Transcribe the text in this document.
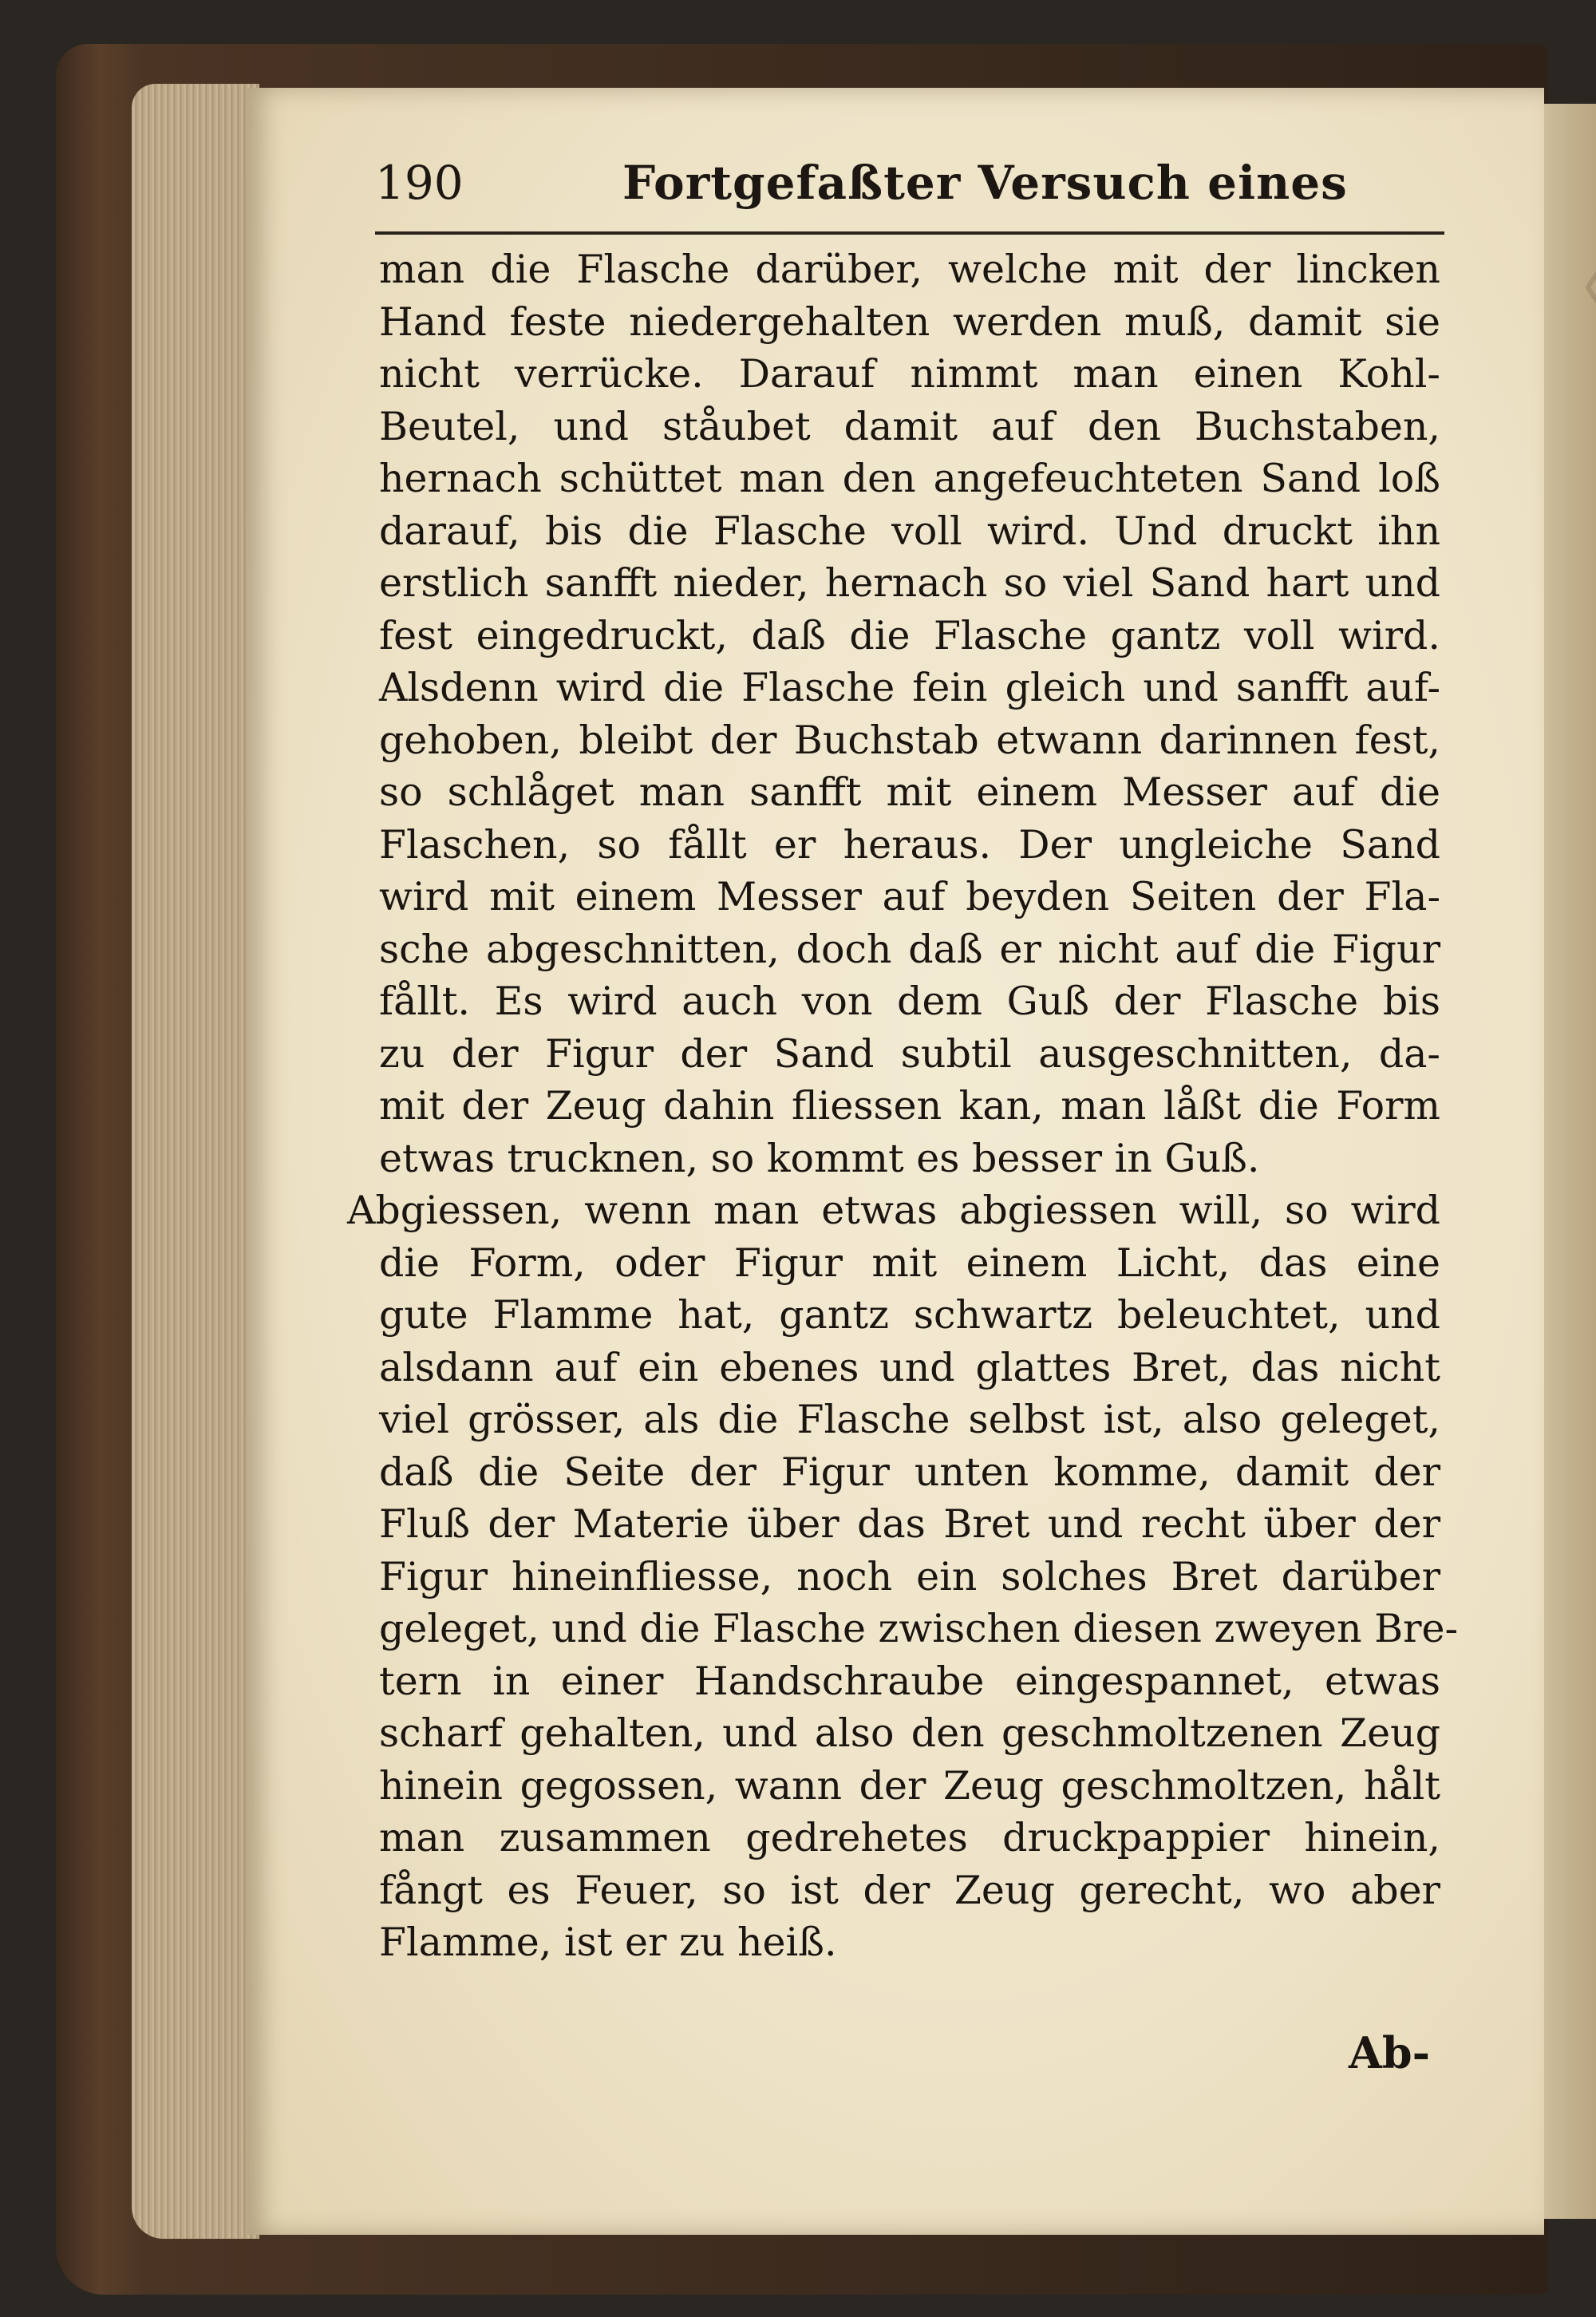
190	Fortgefaßter Versuch eines
man die Flasche darüber, welche mit der lincken
Hand feste niedergehalten werden muß, damit sie
nicht verrücke. Darauf nimmt man einen Kohl-
Beutel, und ståubet damit auf den Buchstaben,
hernach schüttet man den angefeuchteten Sand loß
darauf, bis die Flasche voll wird. Und druckt ihn
erstlich sanfft nieder, hernach so viel Sand hart und
fest eingedruckt, daß die Flasche gantz voll wird.
Alsdenn wird die Flasche fein gleich und sanfft auf-
gehoben, bleibt der Buchstab etwann darinnen fest,
so schlåget man sanfft mit einem Messer auf die
Flaschen, so fållt er heraus. Der ungleiche Sand
wird mit einem Messer auf beyden Seiten der Fla-
sche abgeschnitten, doch daß er nicht auf die Figur
fållt. Es wird auch von dem Guß der Flasche bis
zu der Figur der Sand subtil ausgeschnitten, da-
mit der Zeug dahin fliessen kan, man låßt die Form
etwas trucknen, so kommt es besser in Guß.
Abgiessen, wenn man etwas abgiessen will, so wird
die Form, oder Figur mit einem Licht, das eine
gute Flamme hat, gantz schwartz beleuchtet, und
alsdann auf ein ebenes und glattes Bret, das nicht
viel grösser, als die Flasche selbst ist, also geleget,
daß die Seite der Figur unten komme, damit der
Fluß der Materie über das Bret und recht über der
Figur hineinfliesse, noch ein solches Bret darüber
geleget, und die Flasche zwischen diesen zweyen Bre-
tern in einer Handschraube eingespannet, etwas
scharf gehalten, und also den geschmoltzenen Zeug
hinein gegossen, wann der Zeug geschmoltzen, hålt
man zusammen gedrehetes druckpappier hinein,
fångt es Feuer, so ist der Zeug gerecht, wo aber
Flamme, ist er zu heiß.
Ab-
